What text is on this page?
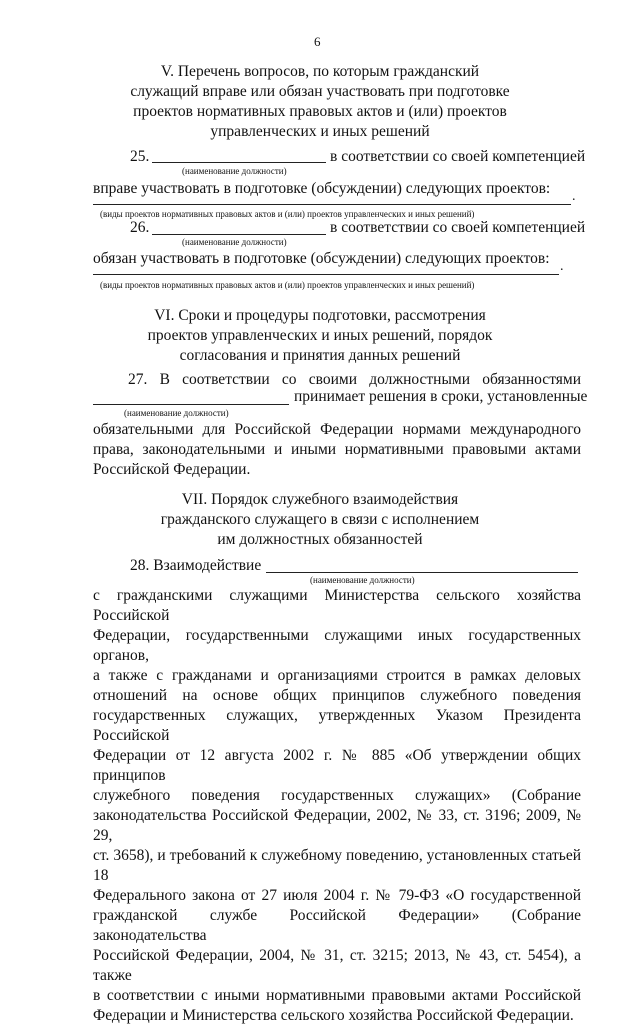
6
V. Перечень вопросов, по которым гражданский
служащий вправе или обязан участвовать при подготовке
проектов нормативных правовых актов и (или) проектов
управленческих и иных решений
25.	в соответствии со своей компетенцией
(наименование должности)
вправе участвовать в подготовке (обсуждении) следующих проектов: .
(виды проектов нормативных правовых актов и (или) проектов управленческих и иных решений)
26.	в соответствии со своей компетенцией
(наименование должности)
обязан участвовать в подготовке (обсуждении) следующих проектов: .
(виды проектов нормативных правовых актов и (или) проектов управленческих и иных решений)
VI. Сроки и процедуры подготовки, рассмотрения
проектов управленческих и иных решений, порядок
согласования и принятия данных решений
27. В соответствии со своими должностными обязанностями
принимает решения в сроки, установленные
(наименование должности)
обязательными для Российской Федерации нормами международного
права, законодательными и иными нормативными правовыми актами
Российской Федерации.
VII. Порядок служебного взаимодействия
гражданского служащего в связи с исполнением
им должностных обязанностей
28. Взаимодействие
(наименование должности)
с гражданскими служащими Министерства сельского хозяйства Российской
Федерации, государственными служащими иных государственных органов,
а также с гражданами и организациями строится в рамках деловых
отношений на основе общих принципов служебного поведения
государственных служащих, утвержденных Указом Президента Российской
Федерации от 12 августа 2002 г. № 885 «Об утверждении общих принципов
служебного поведения государственных служащих» (Собрание
законодательства Российской Федерации, 2002, № 33, ст. 3196; 2009, № 29,
ст. 3658), и требований к служебному поведению, установленных статьей 18
Федерального закона от 27 июля 2004 г. № 79-ФЗ «О государственной
гражданской службе Российской Федерации» (Собрание законодательства
Российской Федерации, 2004, № 31, ст. 3215; 2013, № 43, ст. 5454), а также
в соответствии с иными нормативными правовыми актами Российской
Федерации и Министерства сельского хозяйства Российской Федерации.
